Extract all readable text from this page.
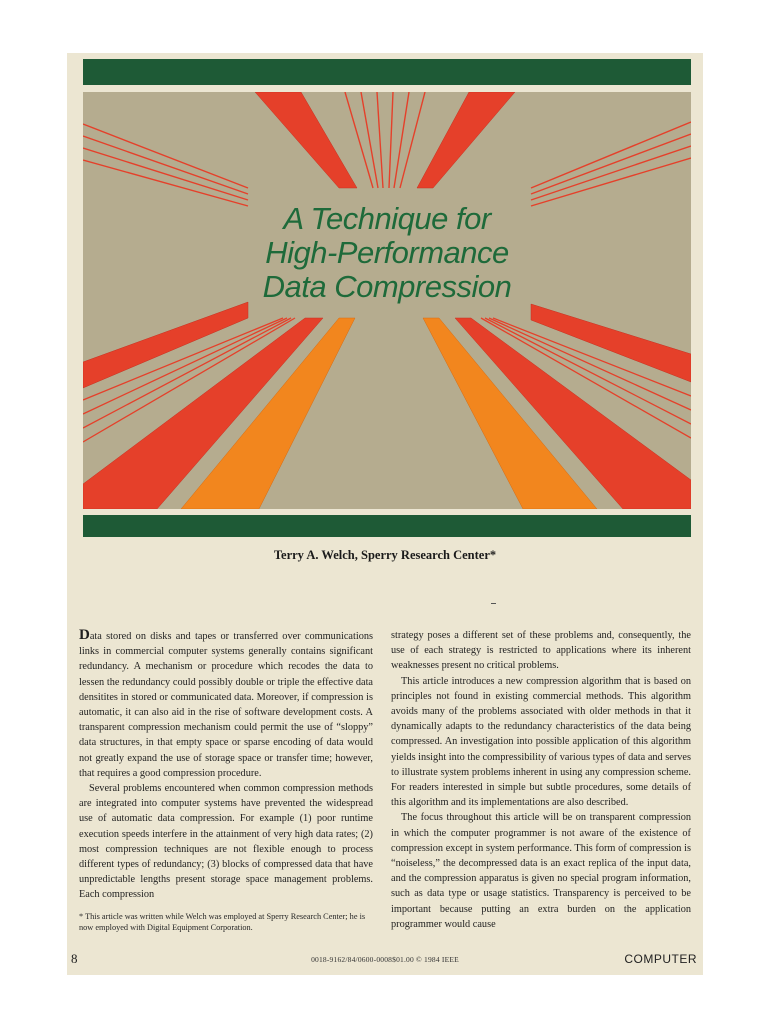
A Technique for
High-Performance
Data Compression
Terry A. Welch, Sperry Research Center*

Data stored on disks and tapes or transferred over communications links in commercial computer systems generally contains significant redundancy. A mechanism or procedure which recodes the data to lessen the redundancy could possibly double or triple the effective data densitites in stored or communicated data. Moreover, if compression is automatic, it can also aid in the rise of software development costs. A transparent compression mechanism could permit the use of “sloppy” data structures, in that empty space or sparse encoding of data would not greatly expand the use of storage space or transfer time; however, that requires a good compression procedure.

Several problems encountered when common compression methods are integrated into computer systems have prevented the widespread use of automatic data compression. For example (1) poor runtime execution speeds interfere in the attainment of very high data rates; (2) most compression techniques are not flexible enough to process different types of redundancy; (3) blocks of compressed data that have unpredictable lengths present storage space management problems. Each compression

strategy poses a different set of these problems and, consequently, the use of each strategy is restricted to applications where its inherent weaknesses present no critical problems.

This article introduces a new compression algorithm that is based on principles not found in existing commercial methods. This algorithm avoids many of the problems associated with older methods in that it dynamically adapts to the redundancy characteristics of the data being compressed. An investigation into possible application of this algorithm yields insight into the compressibility of various types of data and serves to illustrate system problems inherent in using any compression scheme. For readers interested in simple but subtle procedures, some details of this algorithm and its implementations are also described.

The focus throughout this article will be on transparent compression in which the computer programmer is not aware of the existence of compression except in system performance. This form of compression is “noiseless,” the decompressed data is an exact replica of the input data, and the compression apparatus is given no special program information, such as data type or usage statistics. Transparency is perceived to be important because putting an extra burden on the application programmer would cause

* This article was written while Welch was employed at Sperry Research Center; he is now employed with Digital Equipment Corporation.
8	0018-9162/84/0600-0008$01.00 © 1984 IEEE	COMPUTER
